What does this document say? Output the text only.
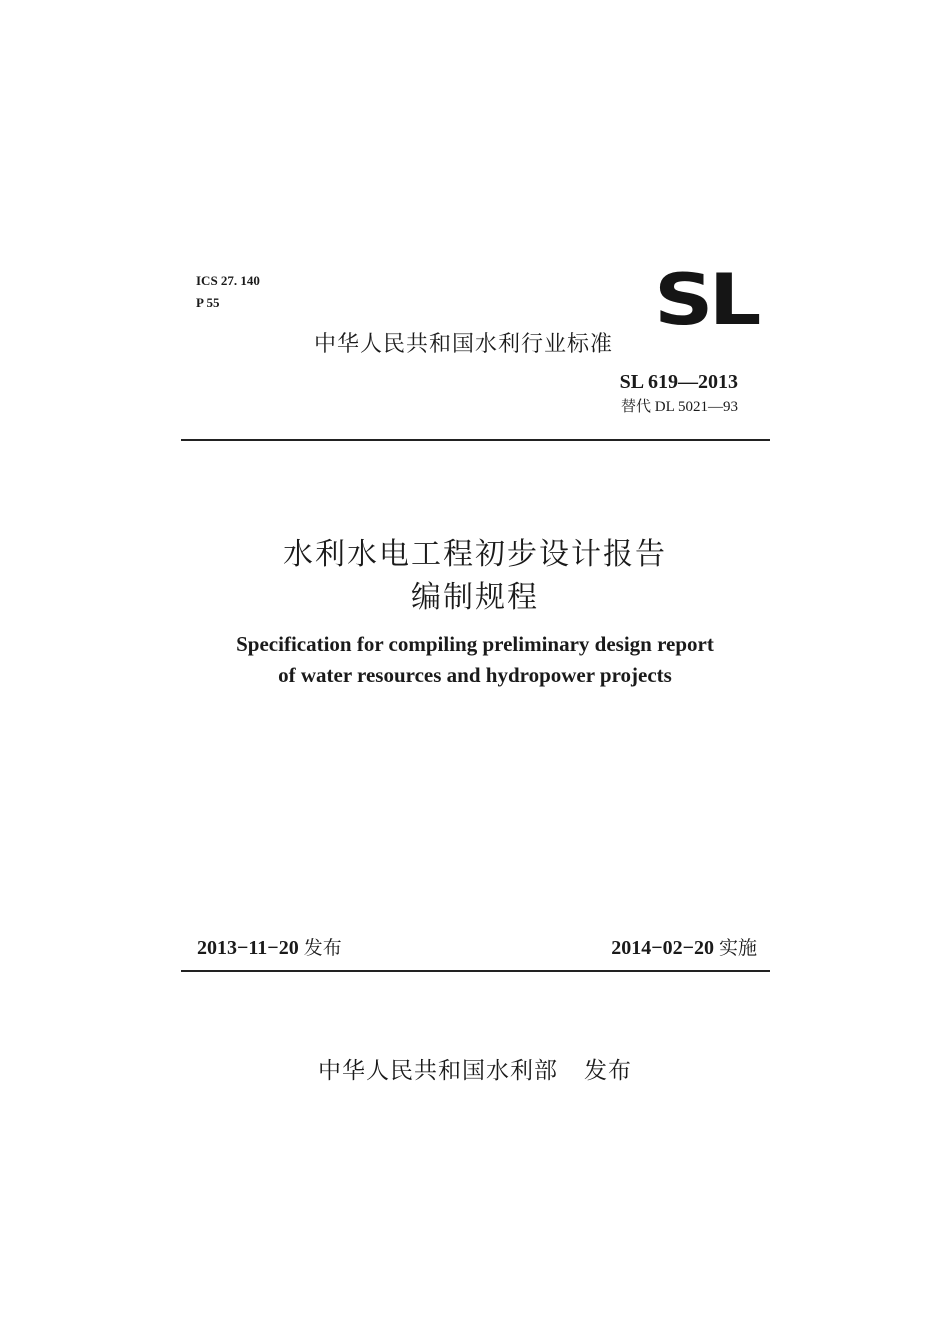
ICS 27. 140
P 55	SL
中华人民共和国水利行业标准
SL 619—2013
替代 DL 5021—93
水利水电工程初步设计报告
编制规程
Specification for compiling preliminary design report
of water resources and hydropower projects
2013−11−20 发布	2014−02−20 实施
中华人民共和国水利部 发布
